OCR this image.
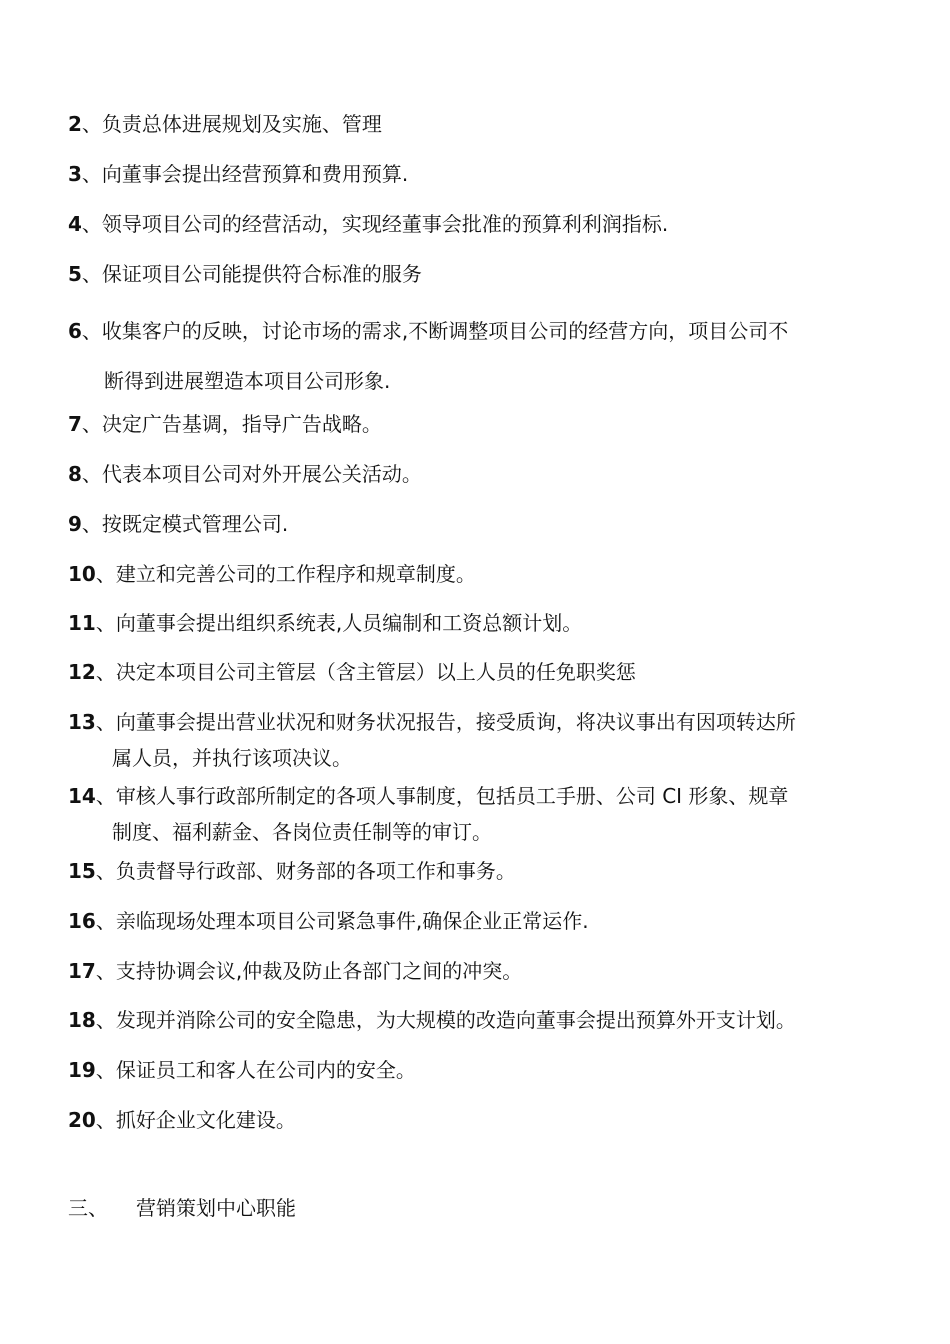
2、负责总体进展规划及实施、管理
3、向董事会提出经营预算和费用预算.
4、领导项目公司的经营活动，实现经董事会批准的预算利利润指标.
5、保证项目公司能提供符合标准的服务
6、收集客户的反映，讨论市场的需求,不断调整项目公司的经营方向，项目公司不
断得到进展塑造本项目公司形象.
7、决定广告基调，指导广告战略。
8、代表本项目公司对外开展公关活动。
9、按既定模式管理公司.
10、建立和完善公司的工作程序和规章制度。
11、向董事会提出组织系统表,人员编制和工资总额计划。
12、决定本项目公司主管层（含主管层）以上人员的任免职奖惩
13、向董事会提出营业状况和财务状况报告，接受质询，将决议事出有因项转达所
属人员，并执行该项决议。
14、审核人事行政部所制定的各项人事制度，包括员工手册、公司 CI 形象、规章
制度、福利薪金、各岗位责任制等的审订。
15、负责督导行政部、财务部的各项工作和事务。
16、亲临现场处理本项目公司紧急事件,确保企业正常运作.
17、支持协调会议,仲裁及防止各部门之间的冲突。
18、发现并消除公司的安全隐患，为大规模的改造向董事会提出预算外开支计划。
19、保证员工和客人在公司内的安全。
20、抓好企业文化建设。
三、 营销策划中心职能
